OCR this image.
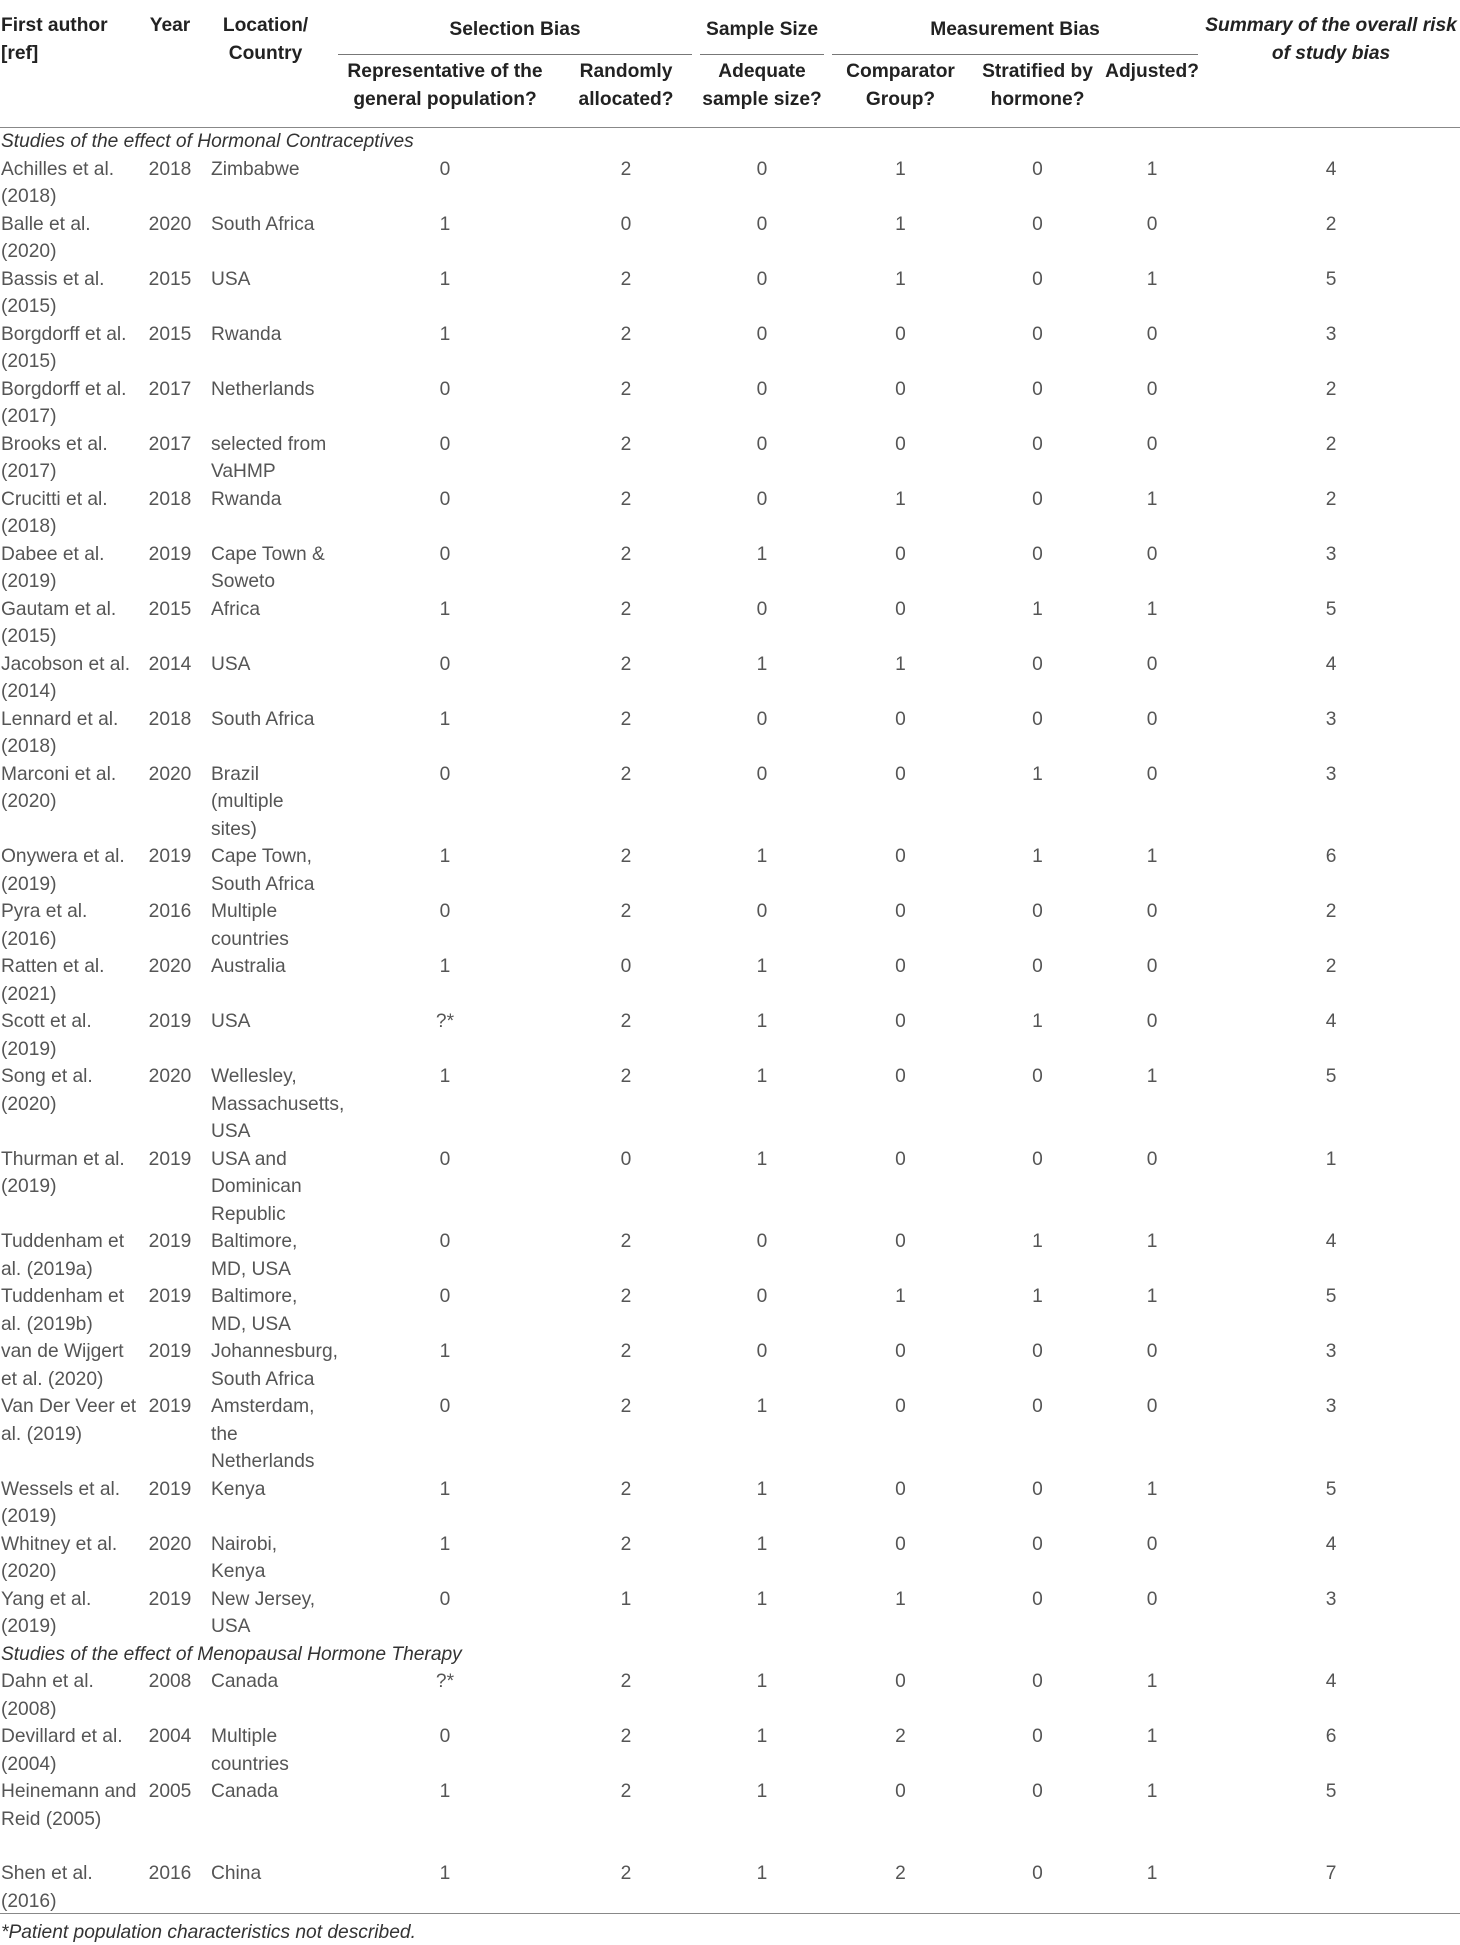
First author [ref]	Year	Location/ Country	Selection Bias		Sample Size	Measurement Bias			Summary of the overall risk of study bias
			Representative of the general population?	Randomly allocated?	Adequate sample size?	Comparator Group?	Stratified by hormone?	Adjusted?	

Studies of the effect of Hormonal Contraceptives									
Achilles et al. (2018)	2018	Zimbabwe	0	2	0	1	0	1	4
Balle et al. (2020)	2020	South Africa	1	0	0	1	0	0	2
Bassis et al. (2015)	2015	USA	1	2	0	1	0	1	5
Borgdorff et al. (2015)	2015	Rwanda	1	2	0	0	0	0	3
Borgdorff et al. (2017)	2017	Netherlands	0	2	0	0	0	0	2
Brooks et al. (2017)	2017	selected from VaHMP	0	2	0	0	0	0	2
Crucitti et al. (2018)	2018	Rwanda	0	2	0	1	0	1	2
Dabee et al. (2019)	2019	Cape Town & Soweto	0	2	1	0	0	0	3
Gautam et al. (2015)	2015	Africa	1	2	0	0	1	1	5
Jacobson et al. (2014)	2014	USA	0	2	1	1	0	0	4
Lennard et al. (2018)	2018	South Africa	1	2	0	0	0	0	3
Marconi et al. (2020)	2020	Brazil (multiple sites)	0	2	0	0	1	0	3
Onywera et al. (2019)	2019	Cape Town, South Africa	1	2	1	0	1	1	6
Pyra et al. (2016)	2016	Multiple countries	0	2	0	0	0	0	2
Ratten et al. (2021)	2020	Australia	1	0	1	0	0	0	2
Scott et al. (2019)	2019	USA	?*	2	1	0	1	0	4
Song et al. (2020)	2020	Wellesley, Massachusetts, USA	1	2	1	0	0	1	5
Thurman et al. (2019)	2019	USA and Dominican Republic	0	0	1	0	0	0	1
Tuddenham et al. (2019a)	2019	Baltimore, MD, USA	0	2	0	0	1	1	4
Tuddenham et al. (2019b)	2019	Baltimore, MD, USA	0	2	0	1	1	1	5
van de Wijgert et al. (2020)	2019	Johannesburg, South Africa	1	2	0	0	0	0	3
Van Der Veer et al. (2019)	2019	Amsterdam, the Netherlands	0	2	1	0	0	0	3
Wessels et al. (2019)	2019	Kenya	1	2	1	0	0	1	5
Whitney et al. (2020)	2020	Nairobi, Kenya	1	2	1	0	0	0	4
Yang et al. (2019)	2019	New Jersey, USA	0	1	1	1	0	0	3
Studies of the effect of Menopausal Hormone Therapy									
Dahn et al. (2008)	2008	Canada	?*	2	1	0	0	1	4
Devillard et al. (2004)	2004	Multiple countries	0	2	1	2	0	1	6
Heinemann and Reid (2005)	2005	Canada	1	2	1	0	0	1	5
Shen et al. (2016)	2016	China	1	2	1	2	0	1	7
*Patient population characteristics not described.
